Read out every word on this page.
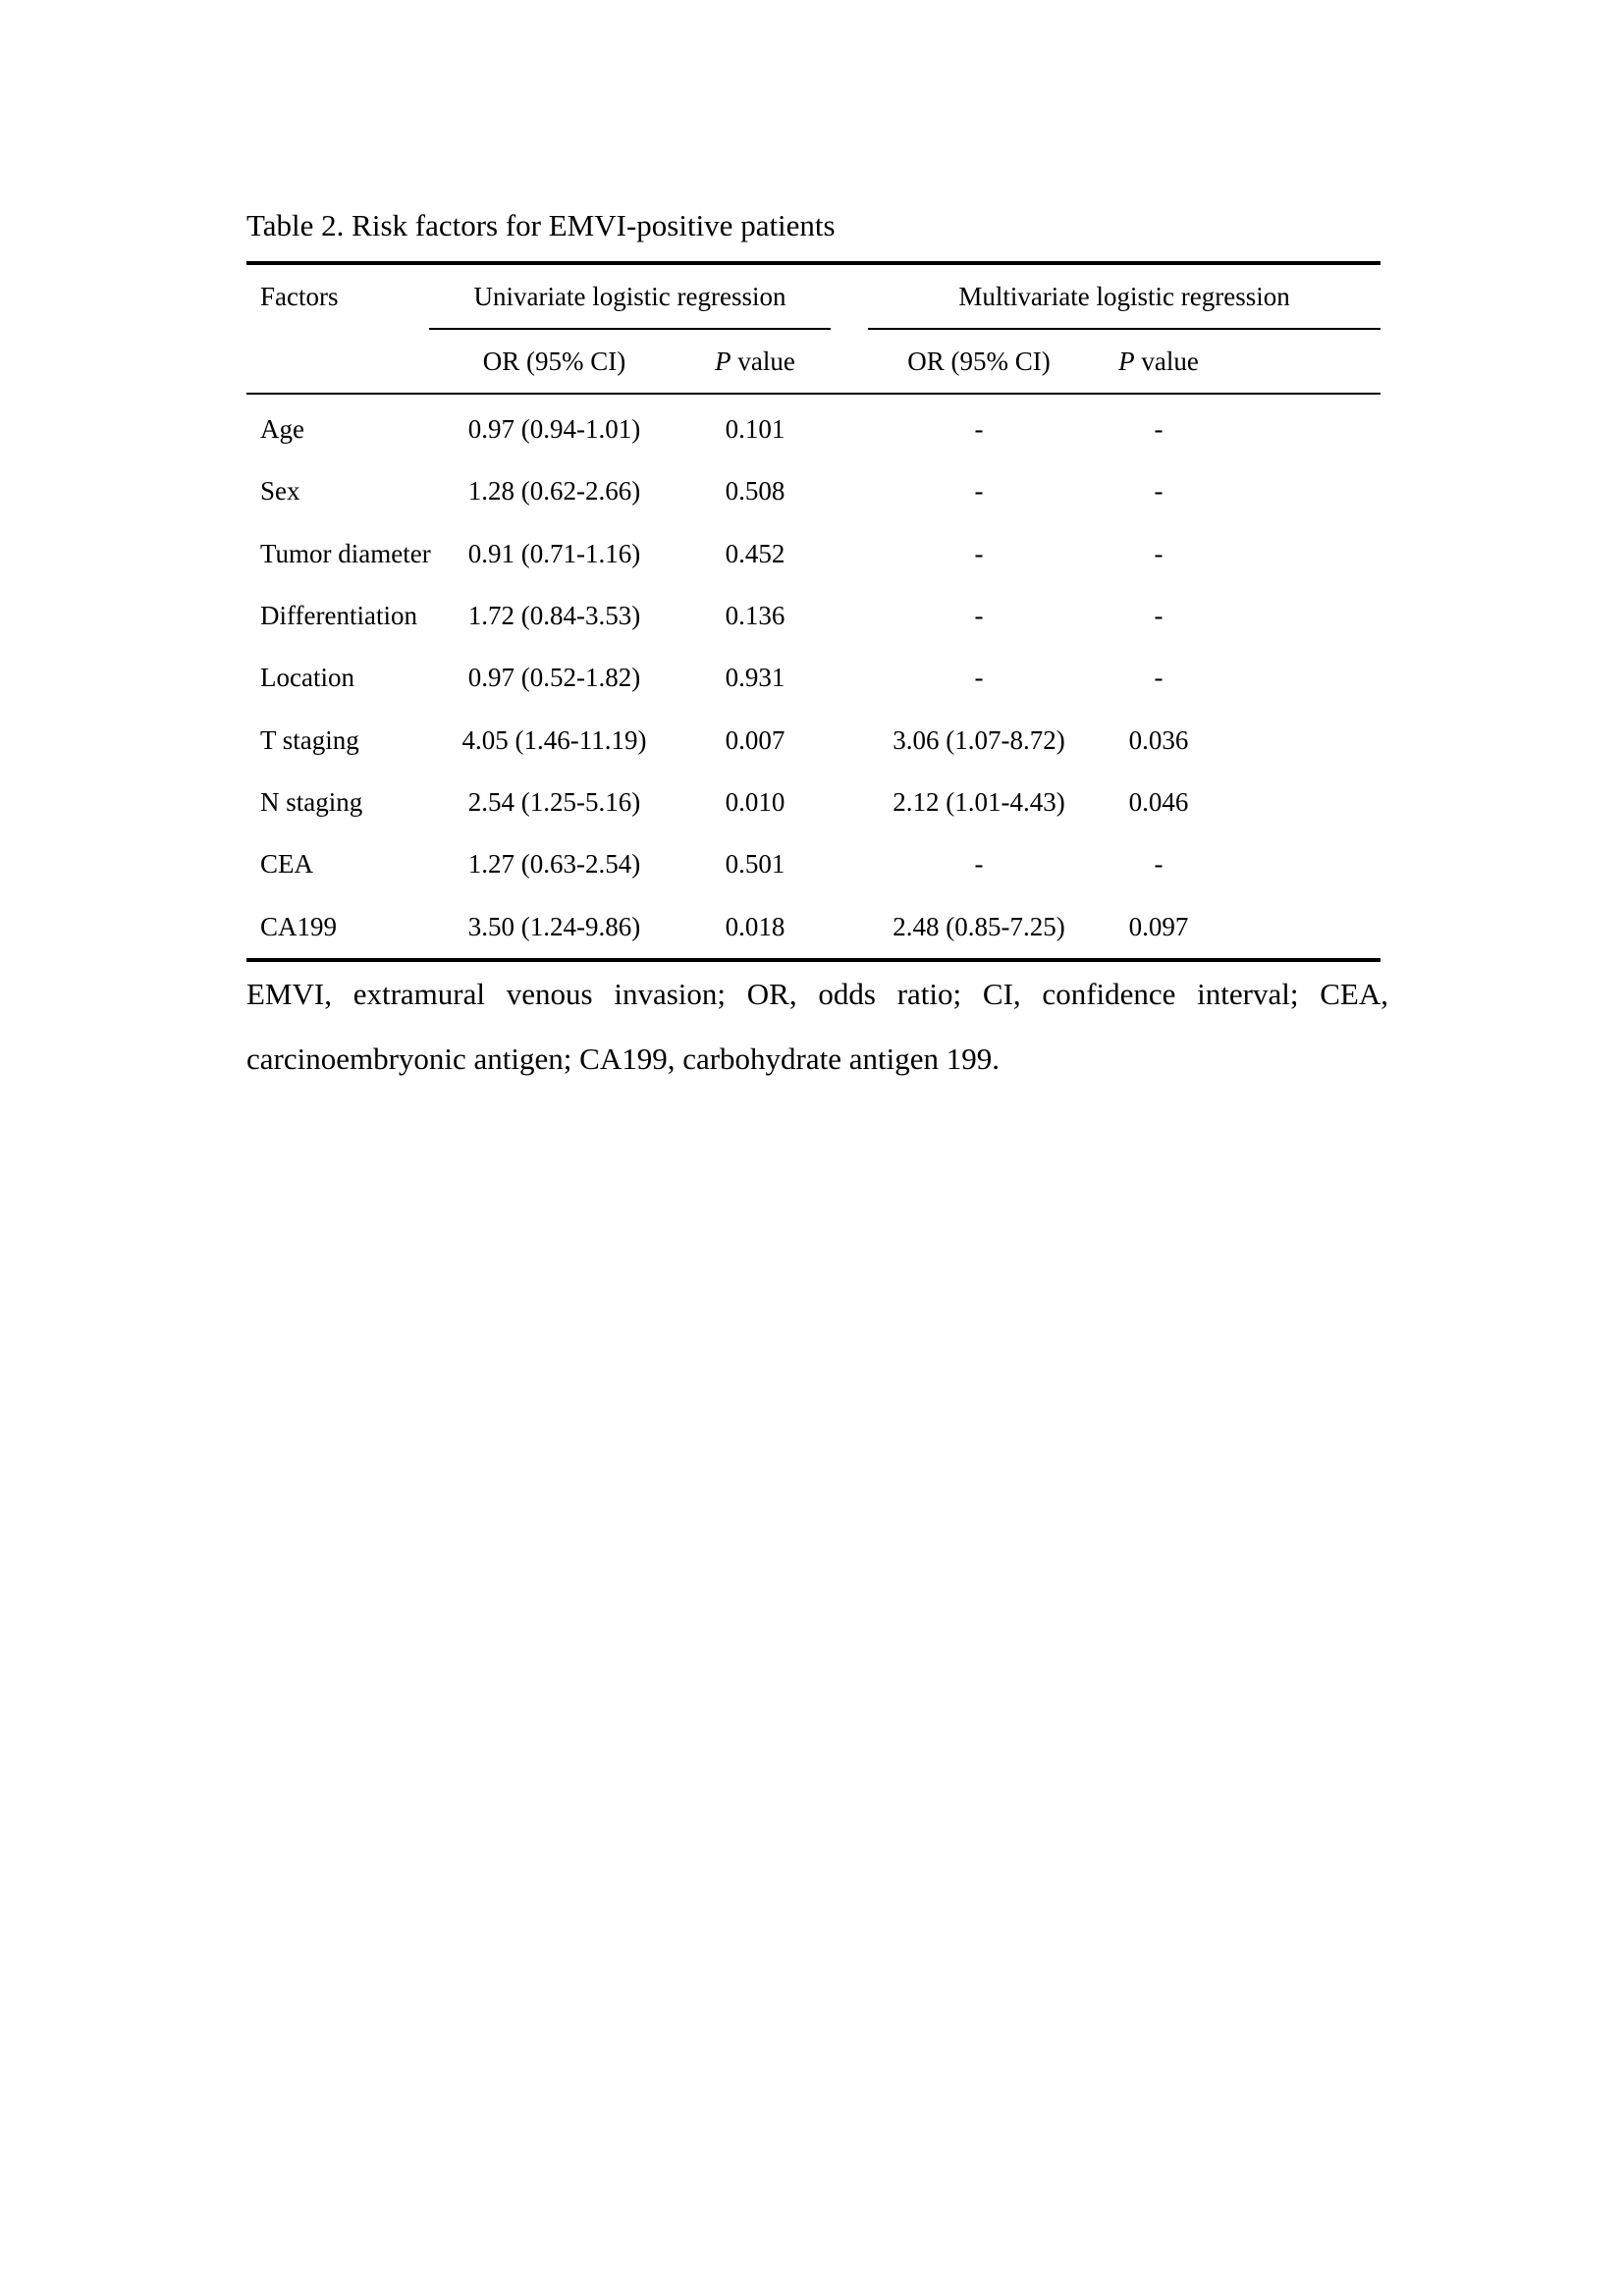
Table 2. Risk factors for EMVI-positive patients

Factors	Univariate logistic regression			Multivariate logistic regression		

	OR (95% CI)	P value		OR (95% CI)	P value	
Age	0.97 (0.94-1.01)	0.101		-	-	
Sex	1.28 (0.62-2.66)	0.508		-	-	
Tumor diameter	0.91 (0.71-1.16)	0.452		-	-	
Differentiation	1.72 (0.84-3.53)	0.136		-	-	
Location	0.97 (0.52-1.82)	0.931		-	-	
T staging	4.05 (1.46-11.19)	0.007		3.06 (1.07-8.72)	0.036	
N staging	2.54 (1.25-5.16)	0.010		2.12 (1.01-4.43)	0.046	
CEA	1.27 (0.63-2.54)	0.501		-	-	
CA199	3.50 (1.24-9.86)	0.018		2.48 (0.85-7.25)	0.097	
EMVI, extramural venous invasion; OR, odds ratio; CI, confidence interval; CEA,
carcinoembryonic antigen; CA199, carbohydrate antigen 199.
